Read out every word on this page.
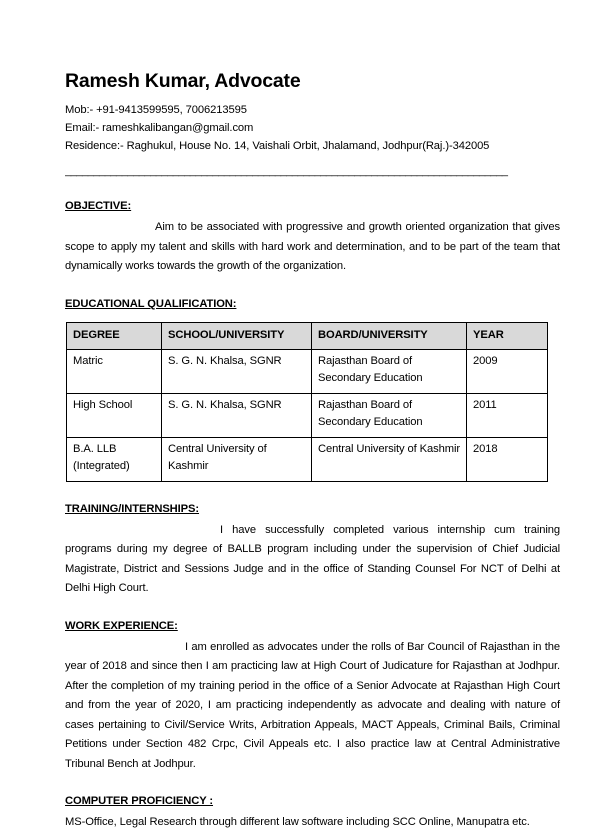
Ramesh Kumar, Advocate

Mob:- +91-9413599595, 7006213595

Email:- rameshkalibangan@gmail.com

Residence:- Raghukul, House No. 14, Vaishali Orbit, Jhalamand, Jodhpur(Raj.)-342005

______________________________________________________________________________

OBJECTIVE:

Aim to be associated with progressive and growth oriented organization that gives scope to apply my talent and skills with hard work and determination, and to be part of the team that dynamically works towards the growth of the organization.

EDUCATIONAL QUALIFICATION:
DEGREE	SCHOOL/UNIVERSITY	BOARD/UNIVERSITY	YEAR
Matric	S. G. N. Khalsa, SGNR	Rajasthan Board of Secondary Education	2009
High School	S. G. N. Khalsa, SGNR	Rajasthan Board of Secondary Education	2011
B.A. LLB (Integrated)	Central University of Kashmir	Central University of Kashmir	2018
TRAINING/INTERNSHIPS:

I have successfully completed various internship cum training programs during my degree of BALLB program including under the supervision of Chief Judicial Magistrate, District and Sessions Judge and in the office of Standing Counsel For NCT of Delhi at Delhi High Court.

WORK EXPERIENCE:

I am enrolled as advocates under the rolls of Bar Council of Rajasthan in the year of 2018 and since then I am practicing law at High Court of Judicature for Rajasthan at Jodhpur. After the completion of my training period in the office of a Senior Advocate at Rajasthan High Court and from the year of 2020, I am practicing independently as advocate and dealing with nature of cases pertaining to Civil/Service Writs, Arbitration Appeals, MACT Appeals, Criminal Bails, Criminal Petitions under Section 482 Crpc, Civil Appeals etc. I also practice law at Central Administrative Tribunal Bench at Jodhpur.

COMPUTER PROFICIENCY :

MS-Office, Legal Research through different law software including SCC Online, Manupatra etc.
